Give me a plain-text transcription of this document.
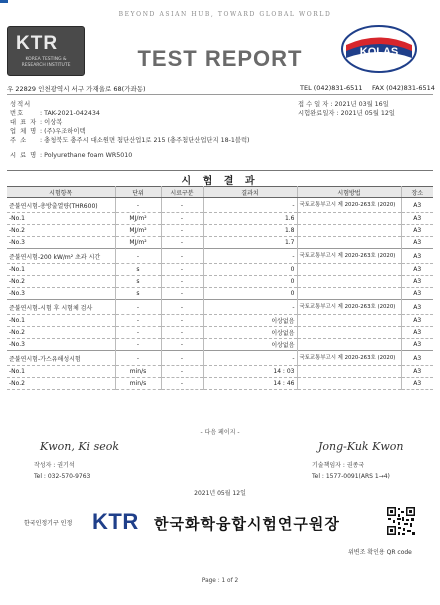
BEYOND ASIAN HUB, TOWARD GLOBAL WORLD
KTR
KOREA TESTING & RESEARCH INSTITUTE	TEST REPORT	KOLAS
우 22829 인천광역시 서구 가재울로 68(가좌동)	TEL (042)831-6511 FAX (042)831-6514
성적서번호 : TAK-2021-042434
대 표 자 : 이상복
업 체 명 : (주)우조하이텍
주 소 : 충청북도 충주시 대소원면 첨단산업1로 215 (충주첨단산업단지 18-1블럭)
시 료 명 : Polyurethane foam WR5010
접 수 일 자 : 2021년 03월 16일
시험완료일자 : 2021년 05월 12일
시 험 결 과
시험항목	단위	시료구분	결과치	시험방법	장소
준불연시험-총방출열량(THR600)	-	-	-	국토교통부고시 제 2020-263호 (2020)	A3
-No.1	MJ/m²	-	1.6		A3
-No.2	MJ/m²	-	1.8		A3
-No.3	MJ/m²	-	1.7		A3
준불연시험-200 kW/m² 초과 시간	-	-	-	국토교통부고시 제 2020-263호 (2020)	A3
-No.1	s	-	0		A3
-No.2	s	-	0		A3
-No.3	s	-	0		A3
준불연시험-시험 후 시험체 검사	-	-	-	국토교통부고시 제 2020-263호 (2020)	A3
-No.1	-	-	이상없음		A3
-No.2	-	-	이상없음		A3
-No.3	-	-	이상없음		A3
준불연시험-가스유해성시험	-	-	-	국토교통부고시 제 2020-263호 (2020)	A3
-No.1	min/s	-	14 : 03		A3
-No.2	min/s	-	14 : 46		A3
- 다음 페이지 -
Kwon, Ki seok
작성자 : 권기석
Tel : 032-570-9763
Jong-Kuk Kwon
기술책임자 : 권종국
Tel : 1577-0091(ARS 1→4)
2021년 05월 12일
한국인정기구 인정 KTR 한국화학융합시험연구원장
위변조 확인용 QR code
Page : 1 of 2
